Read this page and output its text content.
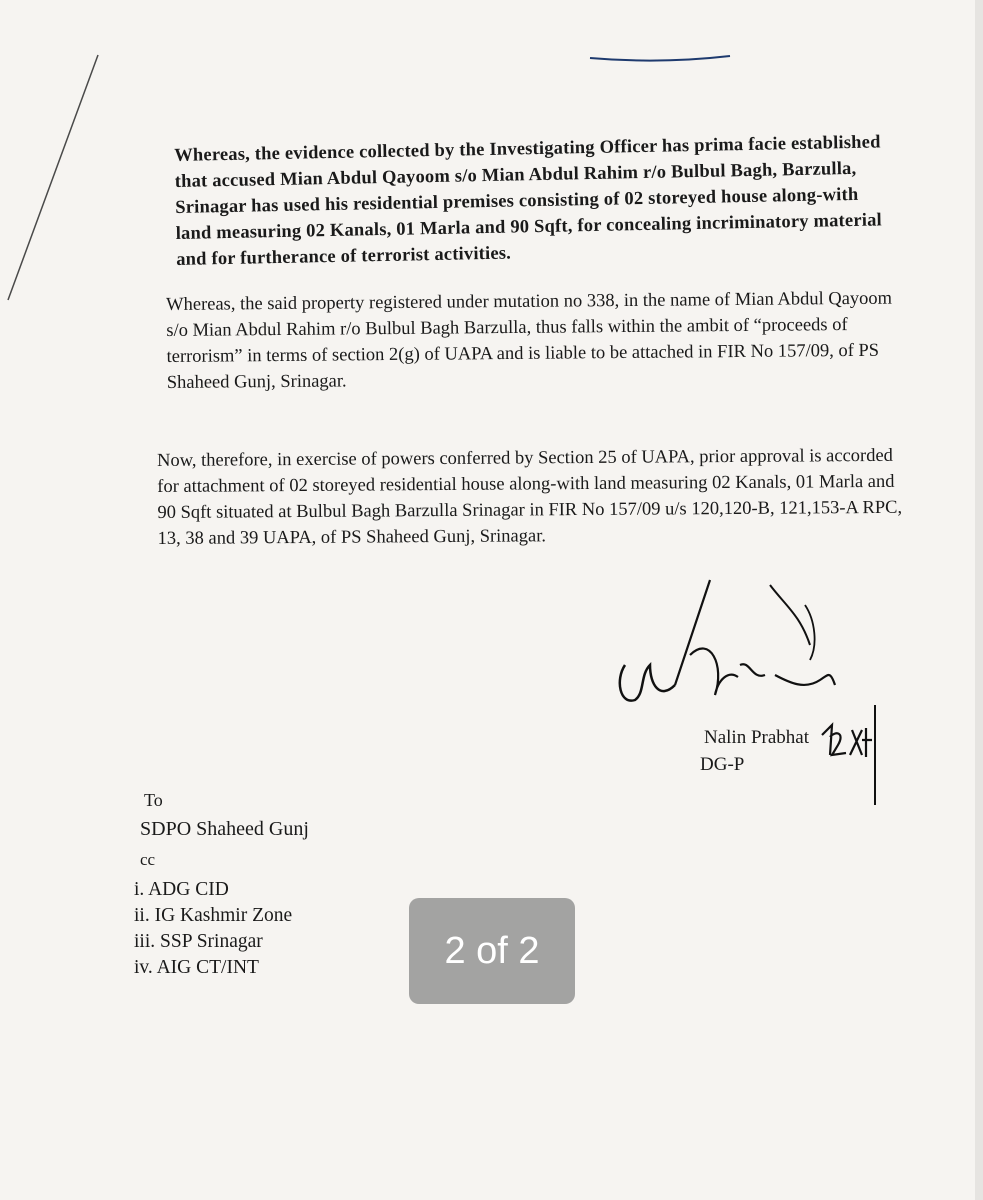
Whereas, the evidence collected by the Investigating Officer has prima facie established that accused Mian Abdul Qayoom s/o Mian Abdul Rahim r/o Bulbul Bagh, Barzulla, Srinagar has used his residential premises consisting of 02 storeyed house along-with land measuring 02 Kanals, 01 Marla and 90 Sqft, for concealing incriminatory material and for furtherance of terrorist activities.

Whereas, the said property registered under mutation no 338, in the name of Mian Abdul Qayoom s/o Mian Abdul Rahim r/o Bulbul Bagh Barzulla, thus falls within the ambit of “proceeds of terrorism” in terms of section 2(g) of UAPA and is liable to be attached in FIR No 157/09, of PS Shaheed Gunj, Srinagar.

Now, therefore, in exercise of powers conferred by Section 25 of UAPA, prior approval is accorded for attachment of 02 storeyed residential house along-with land measuring 02 Kanals, 01 Marla and 90 Sqft situated at Bulbul Bagh Barzulla Srinagar in FIR No 157/09 u/s 120,120-B, 121,153-A RPC, 13, 38 and 39 UAPA, of PS Shaheed Gunj, Srinagar.

Nalin Prabhat
DG-P
To
SDPO Shaheed Gunj
cc
i. ADG CID
ii. IG Kashmir Zone
iii. SSP Srinagar
iv. AIG CT/INT	2 of 2
